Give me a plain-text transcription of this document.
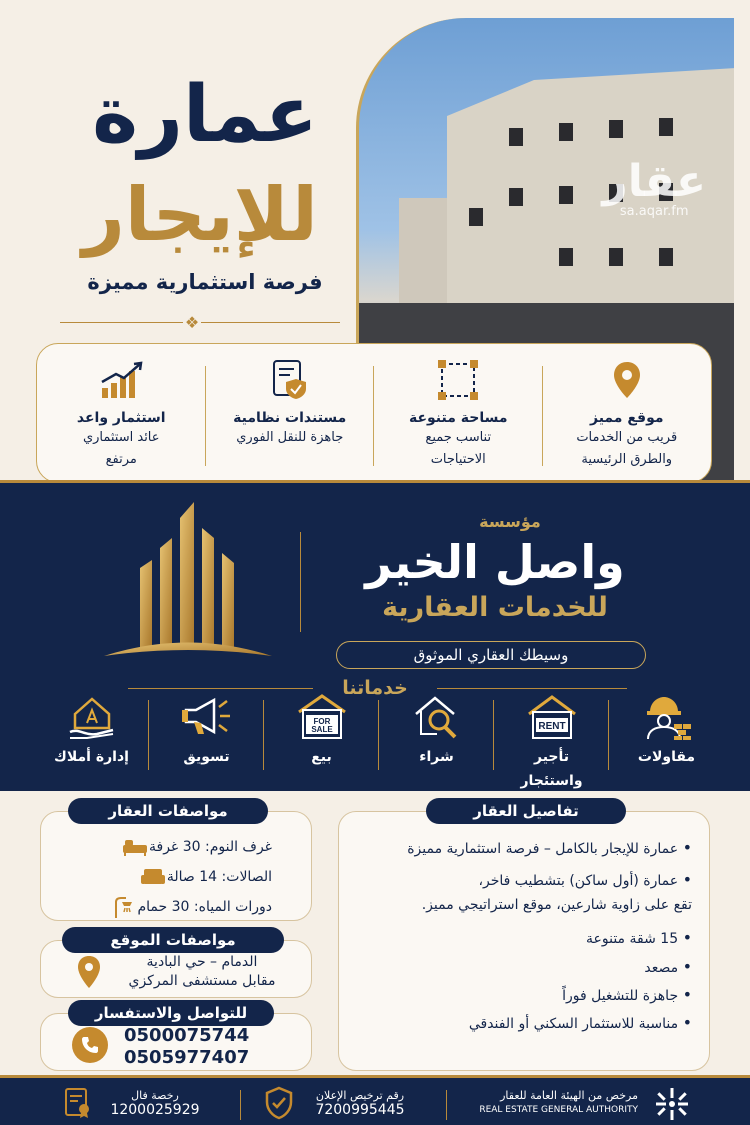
عقار
sa.aqar.fm
عمارة
للإيجار
فرصة استثمارية مميزة
❖
موقع مميز
قريب من الخدمات
والطرق الرئيسية
مساحة متنوعة
تناسب جميع
الاحتياجات
مستندات نظامية
جاهزة للنقل الفوري
استثمار واعد
عائد استثماري
مرتفع
مؤسسة
واصل الخير
للخدمات العقارية
وسيطك العقاري الموثوق
خدماتنا
مقاولات
RENT
تأجير
واستئجار
شراء
FOR
SALE
بيع
تسويق
إدارة أملاك
مواصفات العقار
غرف النوم: 30 غرفة
الصالات: 14 صالة
دورات المياه: 30 حمام
مواصفات الموقع
الدمام – حي البادية
مقابل مستشفى المركزي
للتواصل والاستفسار
0500075744
0505977407
تفاصيل العقار
• عمارة للإيجار بالكامل – فرصة استثمارية مميزة
• عمارة (أول ساكن) بتشطيب فاخر،
تقع على زاوية شارعين، موقع استراتيجي مميز.
• 15 شقة متنوعة
• مصعد
• جاهزة للتشغيل فوراً
• مناسبة للاستثمار السكني أو الفندقي
مرخص من الهيئة العامة للعقار
REAL ESTATE GENERAL AUTHORITY
رقم ترخيص الإعلان
7200995445
رخصة فال
1200025929
